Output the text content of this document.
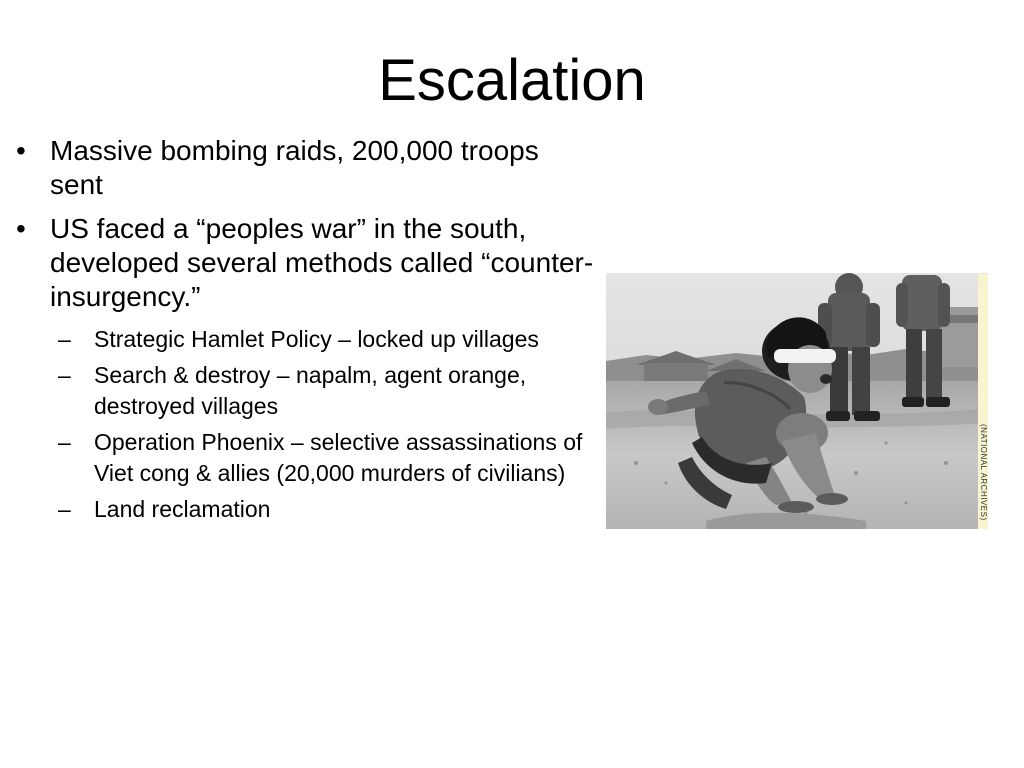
Escalation
• Massive bombing raids, 200,000 troops sent
• US faced a “peoples war” in the south, developed several methods called “counter-insurgency.”
–	Strategic Hamlet Policy – locked up villages
–	Search & destroy – napalm, agent orange, destroyed villages
–	Operation Phoenix – selective assassinations of Viet cong & allies (20,000 murders of civilians)
–	Land reclamation	(NATIONAL ARCHIVES)
